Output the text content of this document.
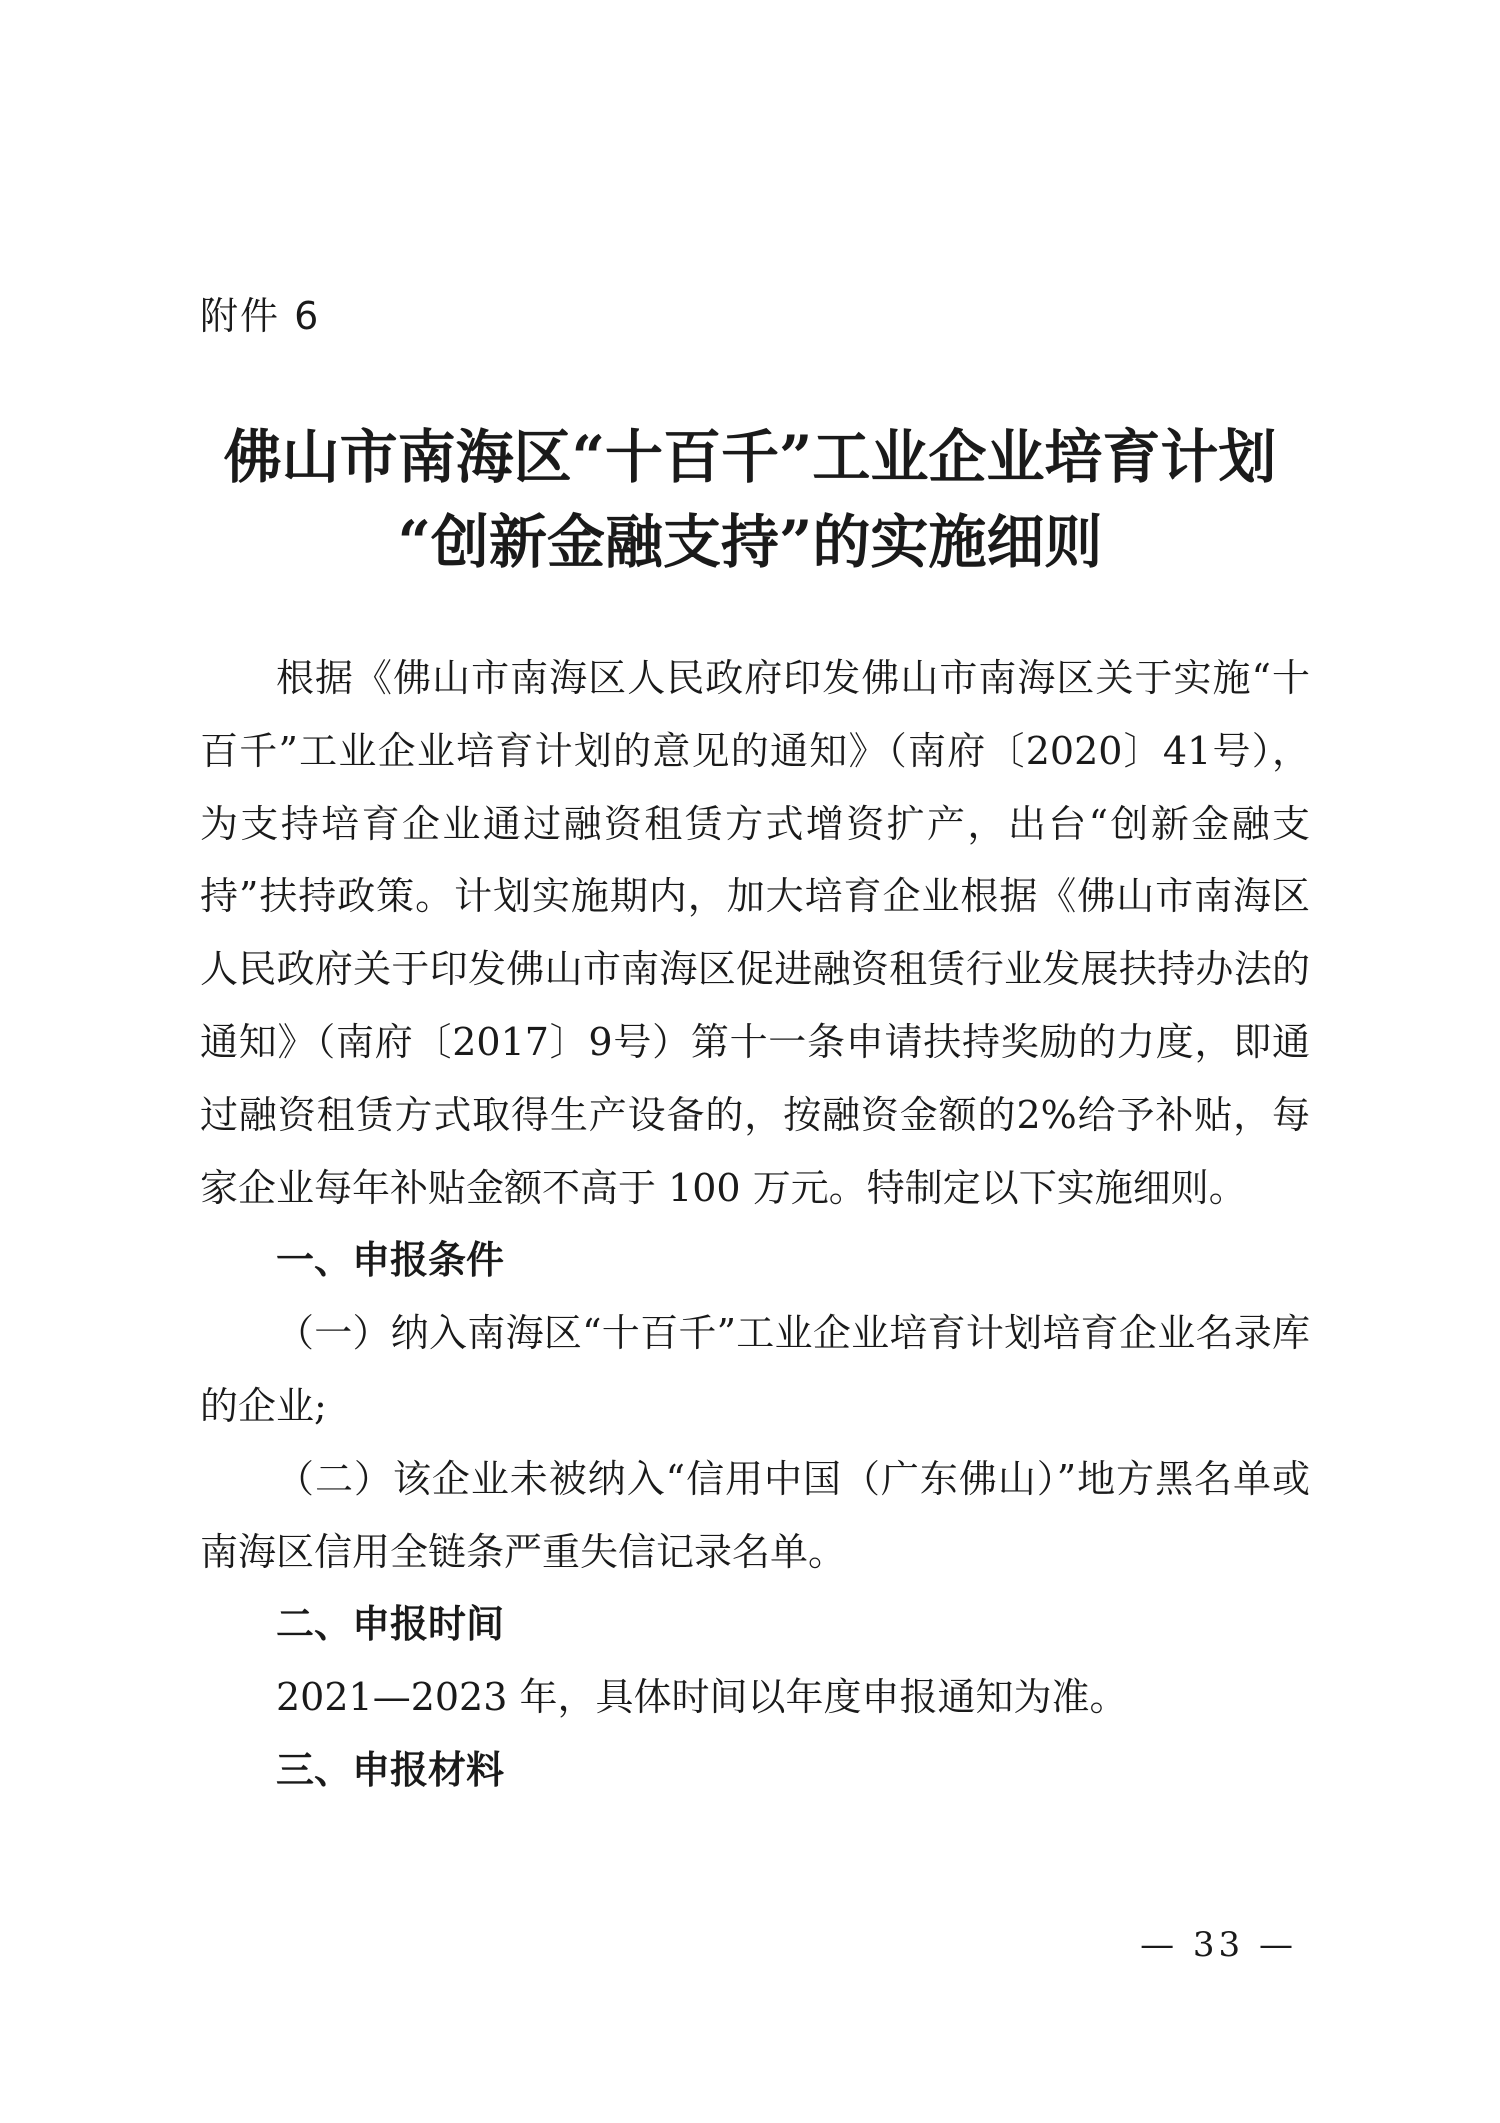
附件 6
佛山市南海区“十百千”工业企业培育计划
“创新金融支持”的实施细则

根据《佛山市南海区人民政府印发佛山市南海区关于实施“十百千”工业企业培育计划的意见的通知》（南府〔2020〕41号），为支持培育企业通过融资租赁方式增资扩产，出台“创新金融支持”扶持政策。计划实施期内，加大培育企业根据《佛山市南海区人民政府关于印发佛山市南海区促进融资租赁行业发展扶持办法的通知》（南府〔2017〕9号）第十一条申请扶持奖励的力度，即通过融资租赁方式取得生产设备的，按融资金额的2%给予补贴，每家企业每年补贴金额不高于 100 万元。特制定以下实施细则。

一、申报条件

（一）纳入南海区“十百千”工业企业培育计划培育企业名录库的企业;

（二）该企业未被纳入“信用中国（广东佛山）”地方黑名单或南海区信用全链条严重失信记录名单。

二、申报时间

2021—2023 年，具体时间以年度申报通知为准。

三、申报材料
— 33 —
